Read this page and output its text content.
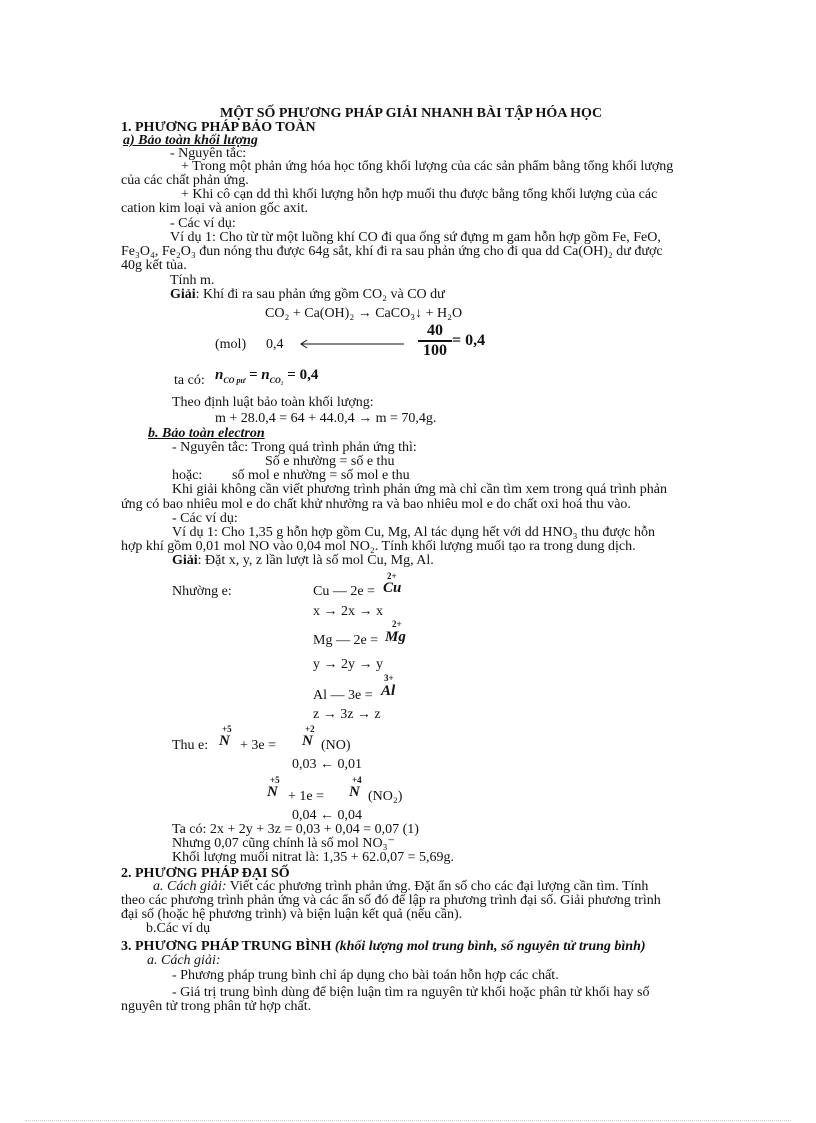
MỘT SỐ PHƯƠNG PHÁP GIẢI NHANH BÀI TẬP HÓA HỌC
1. PHƯƠNG PHÁP BẢO TOÀN
a) Bảo toàn khối lượng
- Nguyên tắc:
+ Trong một phản ứng hóa học tổng khối lượng của các sản phẩm bằng tổng khối lượng
của các chất phản ứng.
+ Khi cô cạn dd thì khối lượng hỗn hợp muối thu được bằng tổng khối lượng của các
cation kim loại và anion gốc axit.
- Các ví dụ:
Ví dụ 1: Cho từ từ một luồng khí CO đi qua ống sứ đựng m gam hỗn hợp gồm Fe, FeO,
Fe₃O₄, Fe₂O₃ đun nóng thu được 64g sắt, khí đi ra sau phản ứng cho đi qua dd Ca(OH)₂ dư được
40g kết tủa.
Tính m.
Giải: Khí đi ra sau phản ứng gồm CO₂ và CO dư
CO₂ + Ca(OH)₂ → CaCO₃↓ + H₂O
(mol) 0,4	$\frac{40}{100} = 0,4$
ta có: $n_{CO pư} = n_{CO_2} = 0,4$
Theo định luật bảo toàn khối lượng:
m + 28.0,4 = 64 + 44.0,4 → m = 70,4g.
b. Bảo toàn electron
- Nguyên tắc: Trong quá trình phản ứng thì:
Số e nhường = số e thu
hoặc: số mol e nhường = số mol e thu
Khi giải không cần viết phương trình phản ứng mà chỉ cần tìm xem trong quá trình phản
ứng có bao nhiêu mol e do chất khử nhường ra và bao nhiêu mol e do chất oxi hoá thu vào.
- Các ví dụ:
Ví dụ 1: Cho 1,35 g hỗn hợp gồm Cu, Mg, Al tác dụng hết với dd HNO₃ thu được hỗn
hợp khí gồm 0,01 mol NO vào 0,04 mol NO₂. Tính khối lượng muối tạo ra trong dung dịch.
Giải: Đặt x, y, z lần lượt là số mol Cu, Mg, Al.
Nhường e:	Cu — 2e =
2+
Cu
x → 2x → x
Mg — 2e =
2+
Mg
y → 2y → y
Al — 3e =
3+
Al
z → 3z → z
Thu e:
+5
N + 3e =
+2
N (NO)
0,03 ← 0,01
+5
N + 1e =
+4
N (NO₂)
0,04 ← 0,04
Ta có: 2x + 2y + 3z = 0,03 + 0,04 = 0,07 (1)
Nhưng 0,07 cũng chính là số mol NO₃⁻
Khối lượng muối nitrat là: 1,35 + 62.0,07 = 5,69g.
2. PHƯƠNG PHÁP ĐẠI SỐ
a. Cách giải: Viết các phương trình phản ứng. Đặt ẩn số cho các đại lượng cần tìm. Tính
theo các phương trình phản ứng và các ẩn số đó để lập ra phương trình đại số. Giải phương trình
đại số (hoặc hệ phương trình) và biện luận kết quả (nếu cần).
b.Các ví dụ
3. PHƯƠNG PHÁP TRUNG BÌNH (khối lượng mol trung bình, số nguyên tử trung bình)
a. Cách giải:
- Phương pháp trung bình chỉ áp dụng cho bài toán hỗn hợp các chất.
- Giá trị trung bình dùng để biện luận tìm ra nguyên tử khối hoặc phân tử khối hay số
nguyên tử trong phân tử hợp chất.
